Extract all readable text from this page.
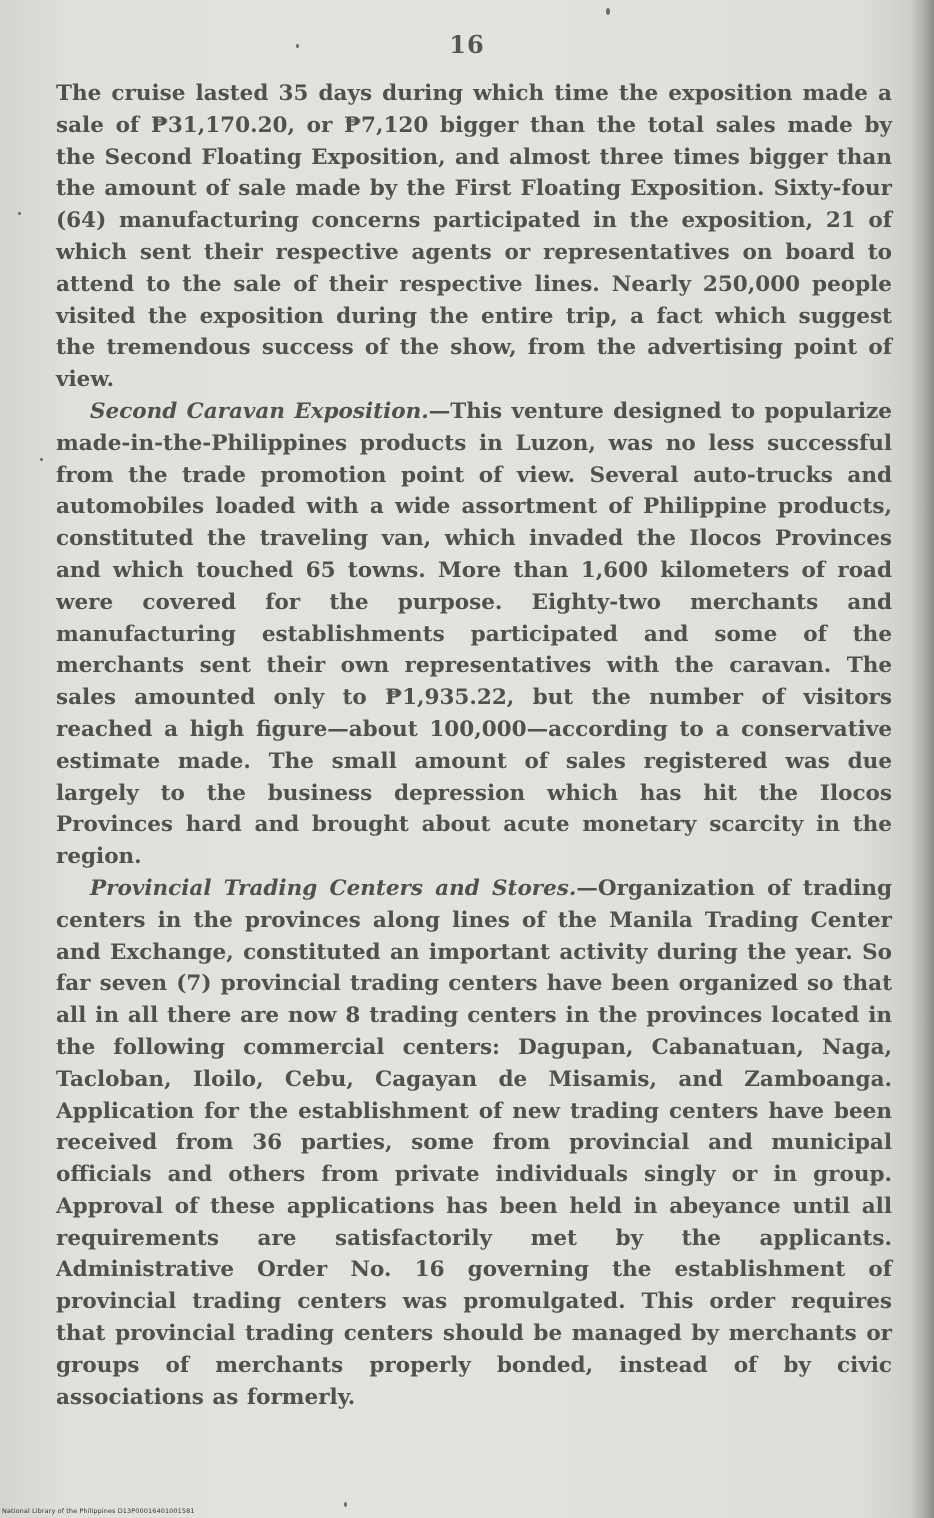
16

The cruise lasted 35 days during which time the exposition made a sale of ₱31,170.20, or ₱7,120 bigger than the total sales made by the Second Floating Exposition, and almost three times bigger than the amount of sale made by the First Floating Exposition. Sixty-four (64) manufacturing concerns participated in the exposition, 21 of which sent their respective agents or representatives on board to attend to the sale of their respective lines. Nearly 250,000 people visited the exposition during the entire trip, a fact which suggest the tremendous success of the show, from the advertising point of view.

Second Caravan Exposition.—This venture designed to popularize made-in-the-Philippines products in Luzon, was no less successful from the trade promotion point of view. Several auto-trucks and automobiles loaded with a wide assortment of Philippine products, constituted the traveling van, which invaded the Ilocos Provinces and which touched 65 towns. More than 1,600 kilometers of road were covered for the purpose. Eighty-two merchants and manufacturing establishments participated and some of the merchants sent their own representatives with the caravan. The sales amounted only to ₱1,935.22, but the number of visitors reached a high figure—about 100,000—according to a conservative estimate made. The small amount of sales registered was due largely to the business depression which has hit the Ilocos Provinces hard and brought about acute monetary scarcity in the region.

Provincial Trading Centers and Stores.—Organization of trading centers in the provinces along lines of the Manila Trading Center and Exchange, constituted an important activity during the year. So far seven (7) provincial trading centers have been organized so that all in all there are now 8 trading centers in the provinces located in the following commercial centers: Dagupan, Cabanatuan, Naga, Tacloban, Iloilo, Cebu, Cagayan de Misamis, and Zamboanga. Application for the establishment of new trading centers have been received from 36 parties, some from provincial and municipal officials and others from private individuals singly or in group. Approval of these applications has been held in abeyance until all requirements are satisfactorily met by the applicants. Administrative Order No. 16 governing the establishment of provincial trading centers was promulgated. This order requires that provincial trading centers should be managed by merchants or groups of merchants properly bonded, instead of by civic associations as formerly.

National Library of the Philippines D13P00016401001581
